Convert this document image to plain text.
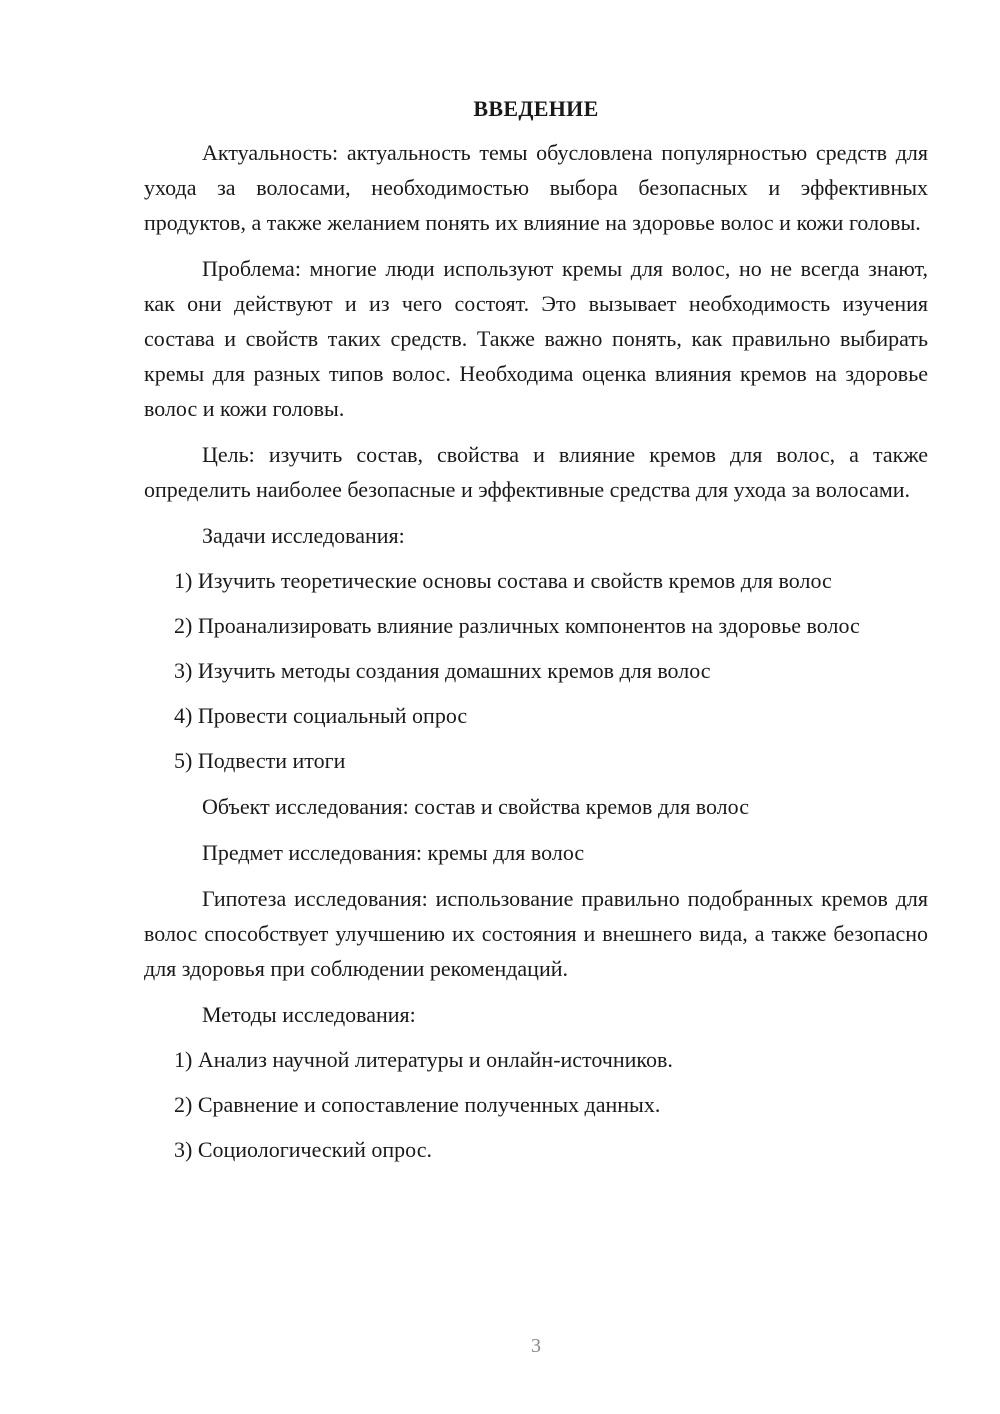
ВВЕДЕНИЕ

Актуальность: актуальность темы обусловлена популярностью средств для ухода за волосами, необходимостью выбора безопасных и эффективных продуктов, а также желанием понять их влияние на здоровье волос и кожи головы.

Проблема: многие люди используют кремы для волос, но не всегда знают, как они действуют и из чего состоят. Это вызывает необходимость изучения состава и свойств таких средств. Также важно понять, как правильно выбирать кремы для разных типов волос. Необходима оценка влияния кремов на здоровье волос и кожи головы.

Цель: изучить состав, свойства и влияние кремов для волос, а также определить наиболее безопасные и эффективные средства для ухода за волосами.

Задачи исследования:

1) Изучить теоретические основы состава и свойств кремов для волос

2) Проанализировать влияние различных компонентов на здоровье волос

3) Изучить методы создания домашних кремов для волос

4) Провести социальный опрос

5) Подвести итоги

Объект исследования: состав и свойства кремов для волос

Предмет исследования: кремы для волос

Гипотеза исследования: использование правильно подобранных кремов для волос способствует улучшению их состояния и внешнего вида, а также безопасно для здоровья при соблюдении рекомендаций.

Методы исследования:

1) Анализ научной литературы и онлайн-источников.

2) Сравнение и сопоставление полученных данных.

3) Социологический опрос.

3
